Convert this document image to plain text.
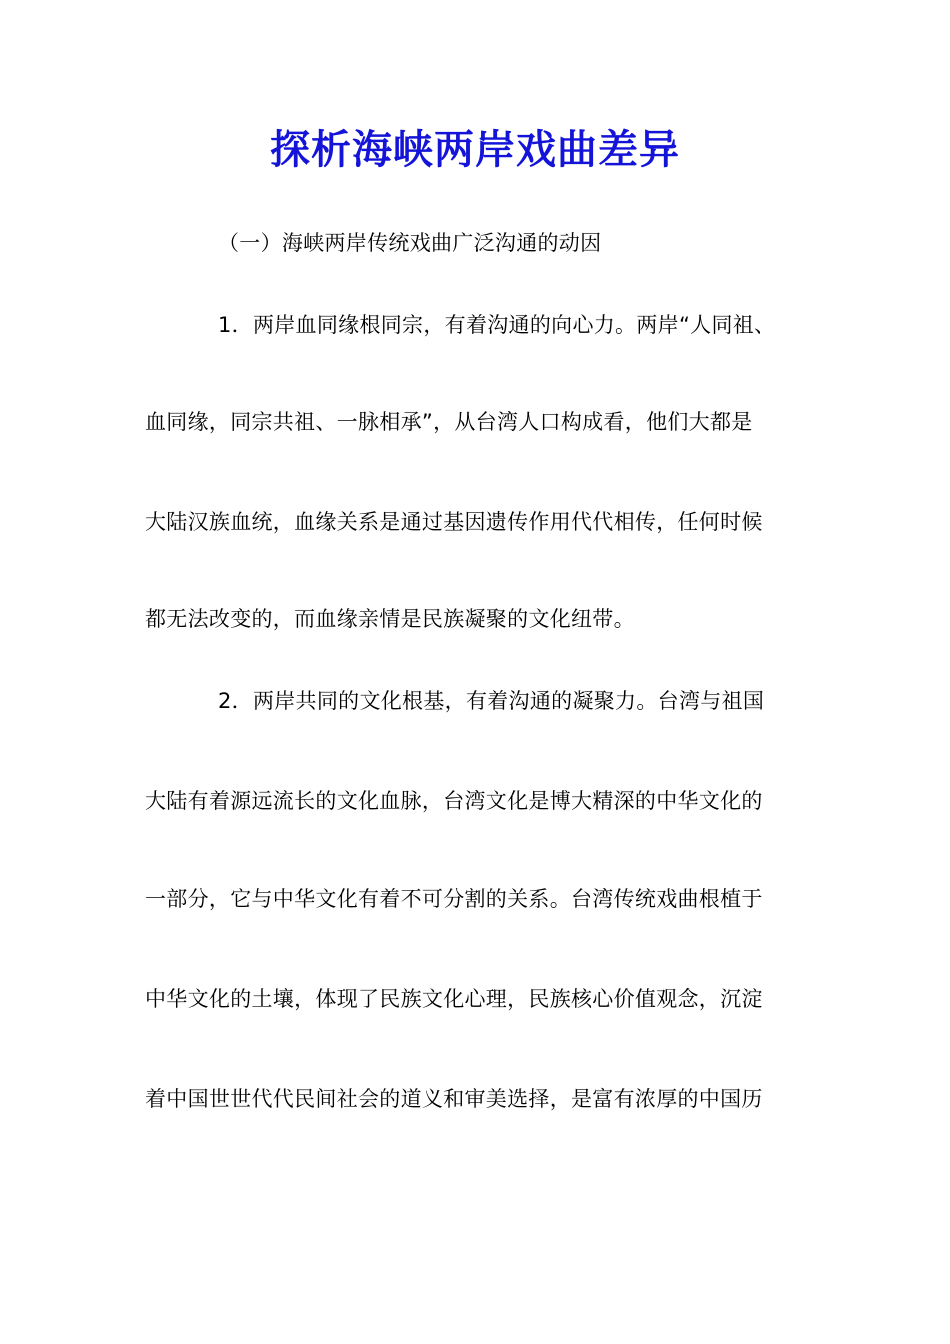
探析海峡两岸戏曲差异

（一）海峡两岸传统戏曲广泛沟通的动因

1．两岸血同缘根同宗，有着沟通的向心力。两岸“人同祖、

血同缘，同宗共祖、一脉相承”，从台湾人口构成看，他们大都是

大陆汉族血统，血缘关系是通过基因遗传作用代代相传，任何时候

都无法改变的，而血缘亲情是民族凝聚的文化纽带。

2．两岸共同的文化根基，有着沟通的凝聚力。台湾与祖国

大陆有着源远流长的文化血脉，台湾文化是博大精深的中华文化的

一部分，它与中华文化有着不可分割的关系。台湾传统戏曲根植于

中华文化的土壤，体现了民族文化心理，民族核心价值观念，沉淀

着中国世世代代民间社会的道义和审美选择，是富有浓厚的中国历
